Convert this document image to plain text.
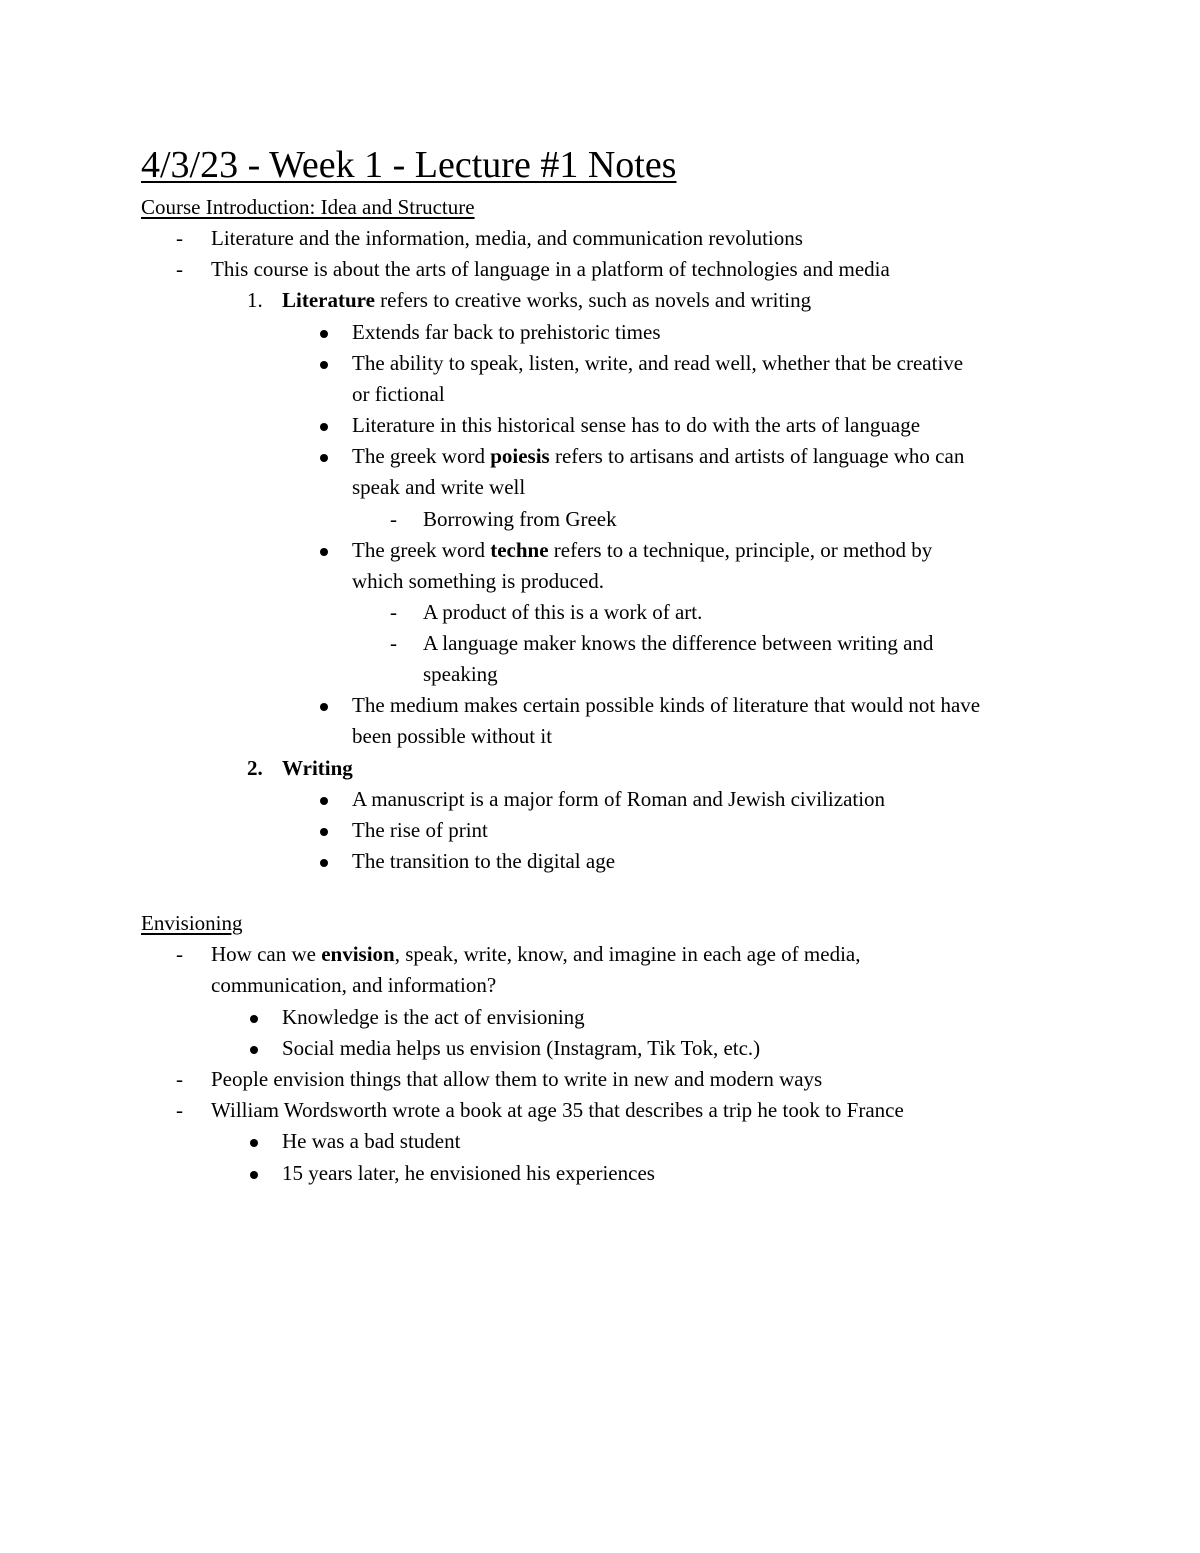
4/3/23 - Week 1 - Lecture #1 Notes
Course Introduction: Idea and Structure
- Literature and the information, media, and communication revolutions
- This course is about the arts of language in a platform of technologies and media
1. Literature refers to creative works, such as novels and writing
Extends far back to prehistoric times
The ability to speak, listen, write, and read well, whether that be creative
or fictional
Literature in this historical sense has to do with the arts of language
The greek word poiesis refers to artisans and artists of language who can
speak and write well
- Borrowing from Greek
The greek word techne refers to a technique, principle, or method by
which something is produced.
- A product of this is a work of art.
- A language maker knows the difference between writing and
speaking
The medium makes certain possible kinds of literature that would not have
been possible without it
2. Writing
A manuscript is a major form of Roman and Jewish civilization
The rise of print
The transition to the digital age
Envisioning
- How can we envision, speak, write, know, and imagine in each age of media,
communication, and information?
Knowledge is the act of envisioning
Social media helps us envision (Instagram, Tik Tok, etc.)
- People envision things that allow them to write in new and modern ways
- William Wordsworth wrote a book at age 35 that describes a trip he took to France
He was a bad student
15 years later, he envisioned his experiences
